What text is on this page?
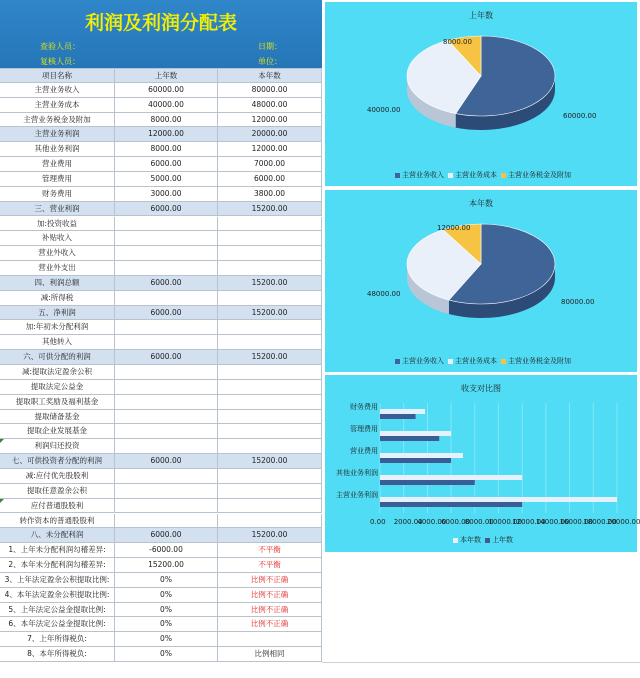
利润及利润分配表
查验人员：	日期：
复核人员：	单位：
项目名称	上年数	本年数
主营业务收入	60000.00	80000.00
主营业务成本	40000.00	48000.00
主营业务税金及附加	8000.00	12000.00
主营业务利润	12000.00	20000.00
其他业务利润	8000.00	12000.00
营业费用	6000.00	7000.00
管理费用	5000.00	6000.00
财务费用	3000.00	3800.00
三、营业利润	6000.00	15200.00
加:投资收益
补贴收入
营业外收入
营业外支出
四、利润总额	6000.00	15200.00
减:所得税
五、净利润	6000.00	15200.00
加:年初未分配利润
其他转入
六、可供分配的利润	6000.00	15200.00
减:提取法定盈余公积
提取法定公益金
提取职工奖励及福利基金
提取储备基金
提取企业发展基金
利润归还投资
七、可供投资者分配的利润	6000.00	15200.00
减:应付优先股股利
提取任意盈余公积
应付普通股股利
转作资本的普通股股利
八、未分配利润	6000.00	15200.00
1、上年未分配利润勾稽差异:	-6000.00	不平衡
2、本年未分配利润勾稽差异:	15200.00	不平衡
3、上年法定盈余公积提取比例:	0%	比例不正确
4、本年法定盈余公积提取比例:	0%	比例不正确
5、上年法定公益金提取比例:	0%	比例不正确
6、本年法定公益金提取比例:	0%	比例不正确
7、上年所得税负:	0%
8、本年所得税负:	0%	比例相同
上年数
60000.00
40000.00
8000.00
主营业务收入 主营业务成本 主营业务税金及附加
本年数
80000.00
48000.00
12000.00
主营业务收入 主营业务成本 主营业务税金及附加
收支对比图
0.00 2000.00
4000.00
6000.00
8000.00
10000.00
12000.00
14000.00
16000.00
18000.00
20000.00
主营业务利润
其他业务利润
营业费用
管理费用
财务费用
本年数 上年数
